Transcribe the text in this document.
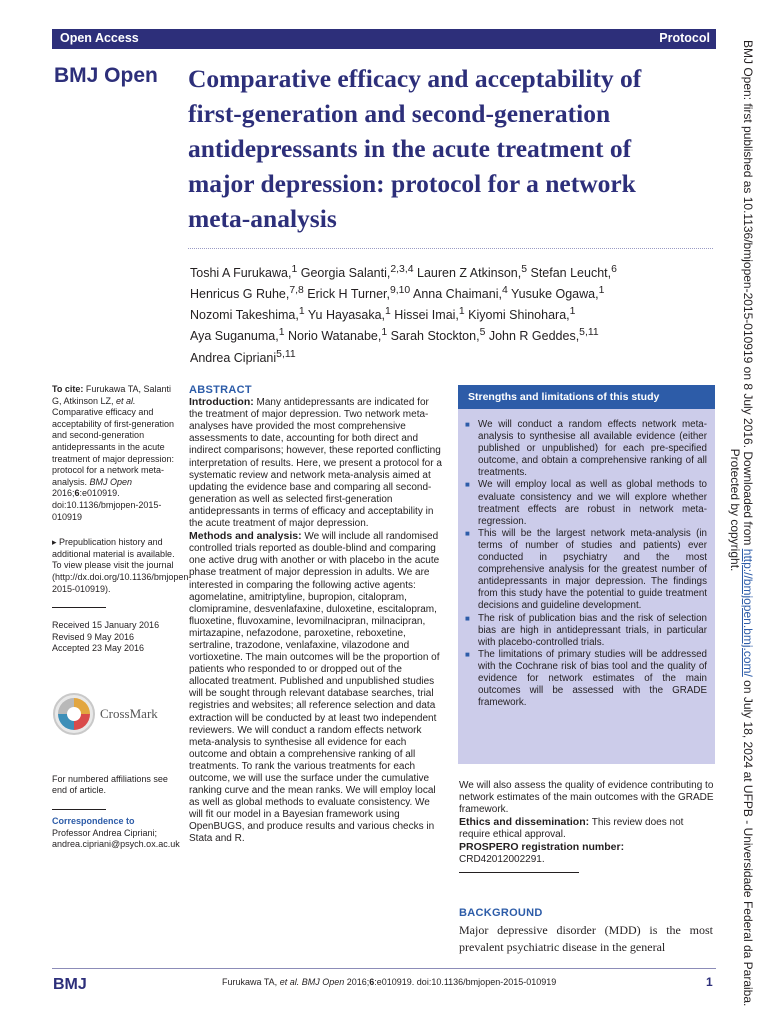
Open Access	Protocol
BMJ Open Comparative efficacy and acceptability of
first-generation and second-generation
antidepressants in the acute treatment of
major depression: protocol for a network
meta-analysis
Toshi A Furukawa,$^1$ Georgia Salanti,$^{2,3,4}$ Lauren Z Atkinson,$^5$ Stefan Leucht,$^6$
Henricus G Ruhe,$^{7,8}$ Erick H Turner,$^{9,10}$ Anna Chaimani,$^4$ Yusuke Ogawa,$^1$
Nozomi Takeshima,$^1$ Yu Hayasaka,$^1$ Hissei Imai,$^1$ Kiyomi Shinohara,$^1$
Aya Suganuma,$^1$ Norio Watanabe,$^1$ Sarah Stockton,$^5$ John R Geddes,$^{5,11}$
Andrea Cipriani$^{5,11}$

To cite: Furukawa TA, Salanti G, Atkinson LZ, et al. Comparative efficacy and acceptability of first-generation and second-generation antidepressants in the acute treatment of major depression: protocol for a network meta-analysis. BMJ Open 2016;6:e010919. doi:10.1136/bmjopen-2015-010919

▸ Prepublication history and additional material is available. To view please visit the journal (http://dx.doi.org/10.1136/bmjopen-2015-010919).

Received 15 January 2016

Revised 9 May 2016

Accepted 23 May 2016

CrossMark

For numbered affiliations see end of article.

Correspondence to

Professor Andrea Cipriani;

andrea.cipriani@psych.ox.ac.uk

ABSTRACT

Introduction: Many antidepressants are indicated for the treatment of major depression. Two network meta-analyses have provided the most comprehensive assessments to date, accounting for both direct and indirect comparisons; however, these reported conflicting interpretation of results. Here, we present a protocol for a systematic review and network meta-analysis aimed at updating the evidence base and comparing all second-generation as well as selected first-generation antidepressants in terms of efficacy and acceptability in the acute treatment of major depression.

Methods and analysis: We will include all randomised controlled trials reported as double-blind and comparing one active drug with another or with placebo in the acute phase treatment of major depression in adults. We are interested in comparing the following active agents: agomelatine, amitriptyline, bupropion, citalopram, clomipramine, desvenlafaxine, duloxetine, escitalopram, fluoxetine, fluvoxamine, levomilnacipran, milnacipran, mirtazapine, nefazodone, paroxetine, reboxetine, sertraline, trazodone, venlafaxine, vilazodone and vortioxetine. The main outcomes will be the proportion of patients who responded to or dropped out of the allocated treatment. Published and unpublished studies will be sought through relevant database searches, trial registries and websites; all reference selection and data extraction will be conducted by at least two independent reviewers. We will conduct a random effects network meta-analysis to synthesise all evidence for each outcome and obtain a comprehensive ranking of all treatments. To rank the various treatments for each outcome, we will use the surface under the cumulative ranking curve and the mean ranks. We will employ local as well as global methods to evaluate consistency. We will fit our model in a Bayesian framework using OpenBUGS, and produce results and various checks in Stata and R.

Strengths and limitations of this study
■ We will conduct a random effects network meta-analysis to synthesise all available evidence (either published or unpublished) for each pre-specified outcome, and obtain a comprehensive ranking of all treatments.
■ We will employ local as well as global methods to evaluate consistency and we will explore whether treatment effects are robust in network meta-regression.
■ This will be the largest network meta-analysis (in terms of number of studies and patients) ever conducted in psychiatry and the most comprehensive analysis for the greatest number of antidepressants in major depression. The findings from this study have the potential to guide treatment decisions and guideline development.
■ The risk of publication bias and the risk of selection bias are high in antidepressant trials, in particular with placebo-controlled trials.
■ The limitations of primary studies will be addressed with the Cochrane risk of bias tool and the quality of evidence for network estimates of the main outcomes will be assessed with the GRADE framework.

We will also assess the quality of evidence contributing to network estimates of the main outcomes with the GRADE framework.

Ethics and dissemination: This review does not require ethical approval.

PROSPERO registration number:

CRD42012002291.

BACKGROUND
Major depressive disorder (MDD) is the most prevalent psychiatric disease in the general
BMJ	Furukawa TA, et al. BMJ Open 2016;6:e010919. doi:10.1136/bmjopen-2015-010919	1
BMJ Open: first published as 10.1136/bmjopen-2015-010919 on 8 July 2016. Downloaded from http://bmjopen.bmj.com/ on July 18, 2024 at UFPB - Universidade Federal da Paraiba.
Protected by copyright.
